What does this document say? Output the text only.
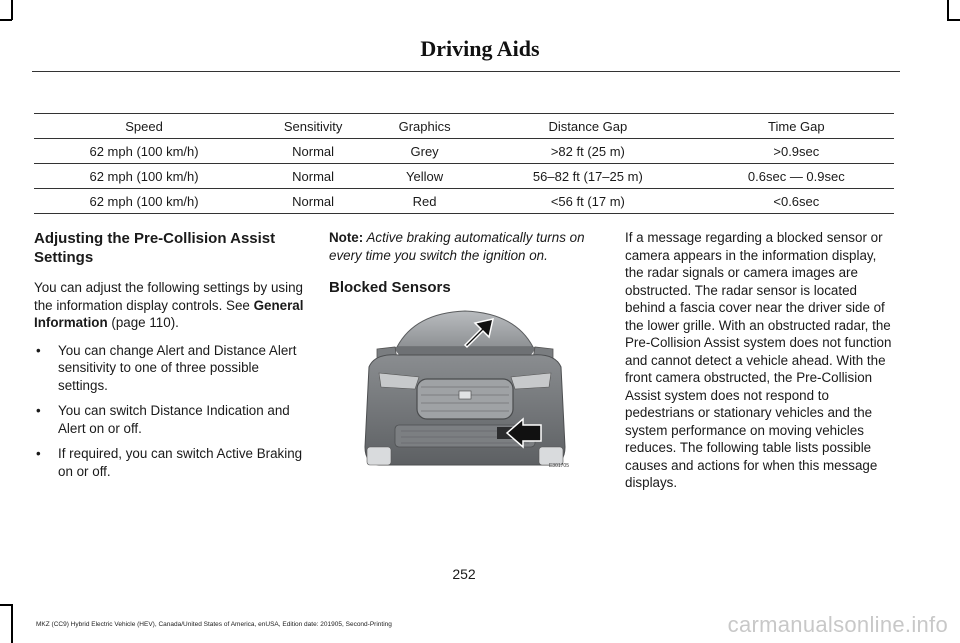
Driving Aids
Speed	Sensitivity	Graphics	Distance Gap	Time Gap
62 mph (100 km/h)	Normal	Grey	>82 ft (25 m)	>0.9sec
62 mph (100 km/h)	Normal	Yellow	56–82 ft (17–25 m)	0.6sec — 0.9sec
62 mph (100 km/h)	Normal	Red	<56 ft (17 m)	<0.6sec
Adjusting the Pre-Collision Assist Settings

You can adjust the following settings by using the information display controls. See General Information (page 110).

• You can change Alert and Distance Alert sensitivity to one of three possible settings.
• You can switch Distance Indication and Alert on or off.
• If required, you can switch Active Braking on or off.

Note: Active braking automatically turns on every time you switch the ignition on.

Blocked Sensors
E301705

If a message regarding a blocked sensor or camera appears in the information display, the radar signals or camera images are obstructed. The radar sensor is located behind a fascia cover near the driver side of the lower grille. With an obstructed radar, the Pre-Collision Assist system does not function and cannot detect a vehicle ahead. With the front camera obstructed, the Pre-Collision Assist system does not respond to pedestrians or stationary vehicles and the system performance on moving vehicles reduces. The following table lists possible causes and actions for when this message displays.

252
MKZ (CC9) Hybrid Electric Vehicle (HEV), Canada/United States of America, enUSA, Edition date: 201905, Second-Printing	carmanualsonline.info
